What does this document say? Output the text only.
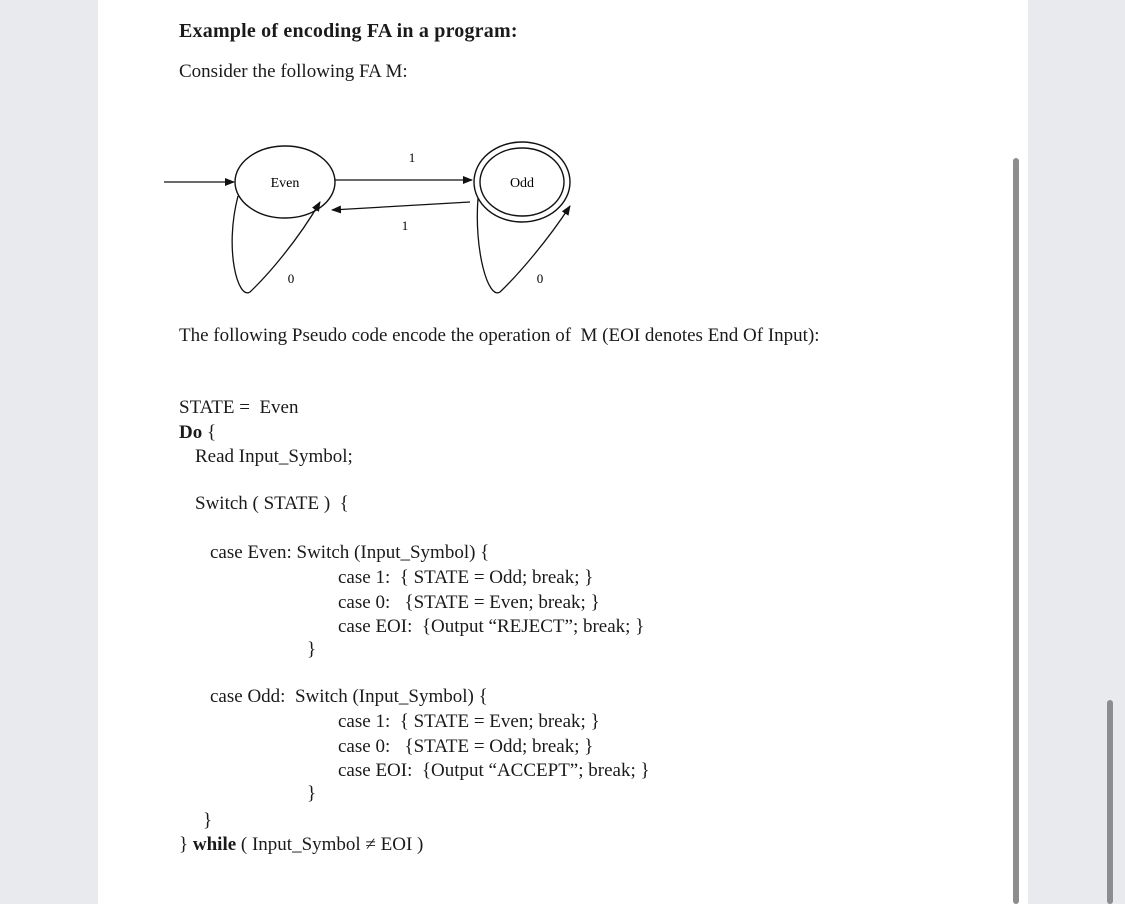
Example of encoding FA in a program:
Consider the following FA M:
Even	Odd
1
1
0	0
The following Pseudo code encode the operation of  M (EOI denotes End Of Input):
STATE =  Even
Do {
Read Input_Symbol;
Switch ( STATE )  {
case Even: Switch (Input_Symbol) {
case 1:  { STATE = Odd; break; }
case 0:   {STATE = Even; break; }
case EOI:  {Output “REJECT”; break; }
}
case Odd:  Switch (Input_Symbol) {
case 1:  { STATE = Even; break; }
case 0:   {STATE = Odd; break; }
case EOI:  {Output “ACCEPT”; break; }
}
}
} while ( Input_Symbol ≠ EOI )
